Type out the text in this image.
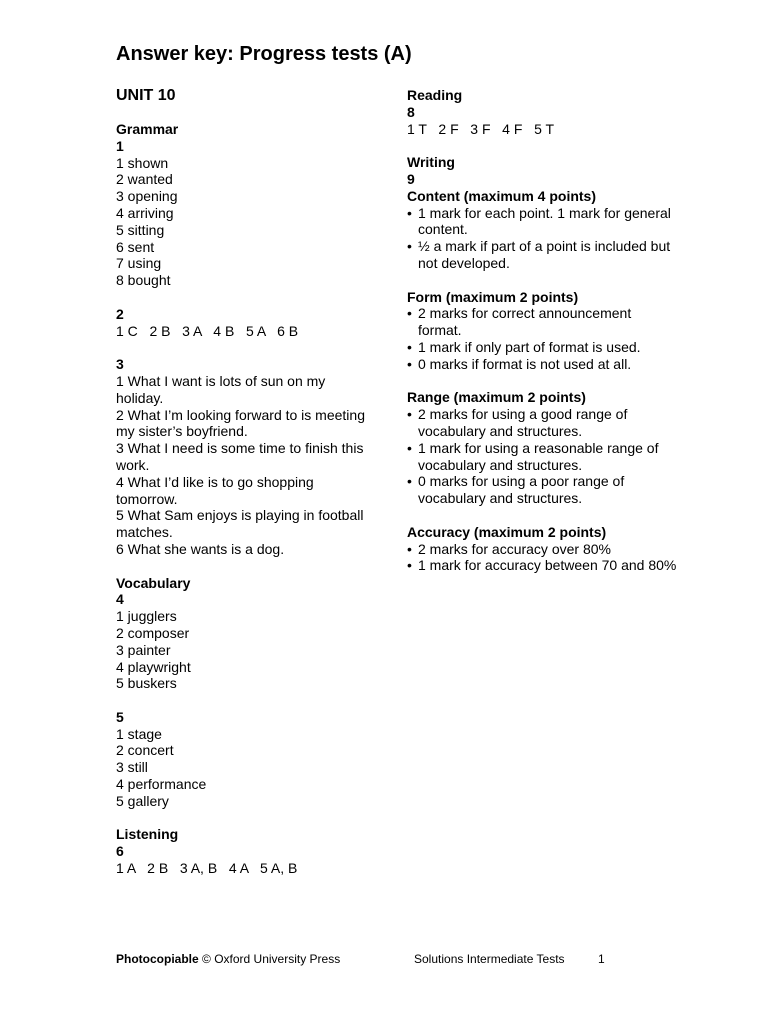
Answer key: Progress tests (A)
UNIT 10
Grammar
1
1 shown
2 wanted
3 opening
4 arriving
5 sitting
6 sent
7 using
8 bought
2
1 C   2 B   3 A   4 B   5 A   6 B
3
1 What I want is lots of sun on my holiday.
2 What I’m looking forward to is meeting my sister’s boyfriend.
3 What I need is some time to finish this work.
4 What I’d like is to go shopping tomorrow.
5 What Sam enjoys is playing in football matches.
6 What she wants is a dog.
Vocabulary
4
1 jugglers
2 composer
3 painter
4 playwright
5 buskers
5
1 stage
2 concert
3 still
4 performance
5 gallery
Listening
6
1 A   2 B   3 A, B   4 A   5 A, B
Reading
8
1 T   2 F   3 F   4 F   5 T
Writing
9
Content (maximum 4 points)
• 1 mark for each point. 1 mark for general content.
• ½ a mark if part of a point is included but not developed.
Form (maximum 2 points)
• 2 marks for correct announcement format.
• 1 mark if only part of format is used.
• 0 marks if format is not used at all.
Range (maximum 2 points)
• 2 marks for using a good range of vocabulary and structures.
• 1 mark for using a reasonable range of vocabulary and structures.
• 0 marks for using a poor range of vocabulary and structures.
Accuracy (maximum 2 points)
• 2 marks for accuracy over 80%
• 1 mark for accuracy between 70 and 80%
Photocopiable © Oxford University Press	Solutions Intermediate Tests	1
